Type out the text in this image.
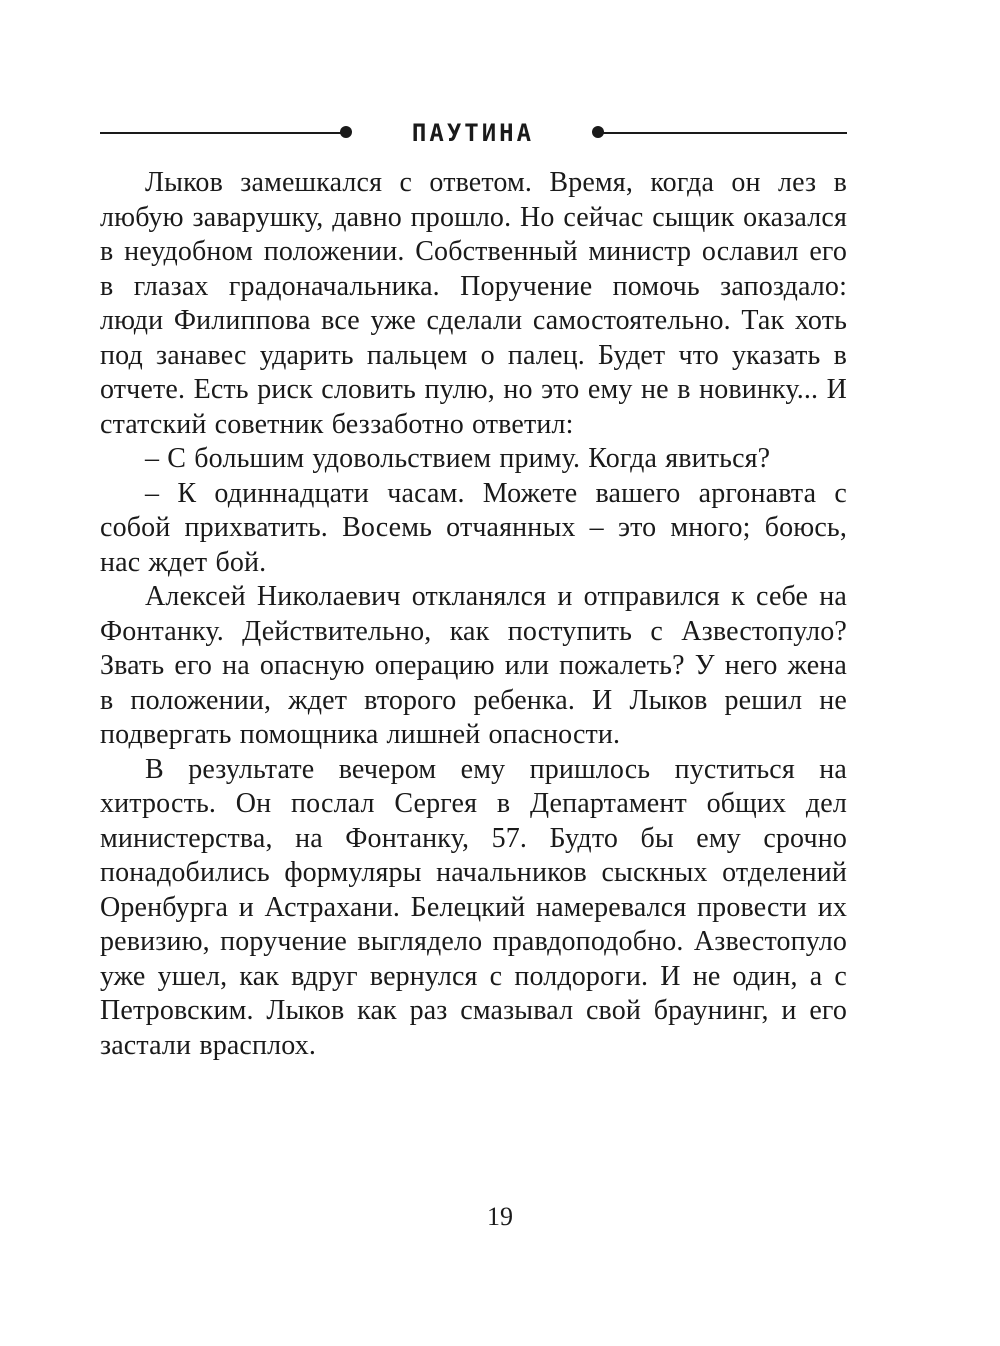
ПАУТИНА

Лыков замешкался с ответом. Время, когда он лез в любую заварушку, давно прошло. Но сейчас сыщик оказался в неудобном положении. Собственный министр ославил его в глазах градоначальника. Поручение помочь запоздало: люди Филиппова все уже сделали самостоятельно. Так хоть под занавес ударить пальцем о палец. Будет что указать в отчете. Есть риск словить пулю, но это ему не в новинку... И статский советник беззаботно ответил:

– С большим удовольствием приму. Когда явиться?

– К одиннадцати часам. Можете вашего аргонавта с собой прихватить. Восемь отчаянных – это много; боюсь, нас ждет бой.

Алексей Николаевич откланялся и отправился к себе на Фонтанку. Действительно, как поступить с Азвестопуло? Звать его на опасную операцию или пожалеть? У него жена в положении, ждет второго ребенка. И Лыков решил не подвергать помощника лишней опасности.

В результате вечером ему пришлось пуститься на хитрость. Он послал Сергея в Департамент общих дел министерства, на Фонтанку, 57. Будто бы ему срочно понадобились формуляры начальников сыскных отделений Оренбурга и Астрахани. Белецкий намеревался провести их ревизию, поручение выглядело правдоподобно. Азвестопуло уже ушел, как вдруг вернулся с полдороги. И не один, а с Петровским. Лыков как раз смазывал свой браунинг, и его застали врасплох.

19
